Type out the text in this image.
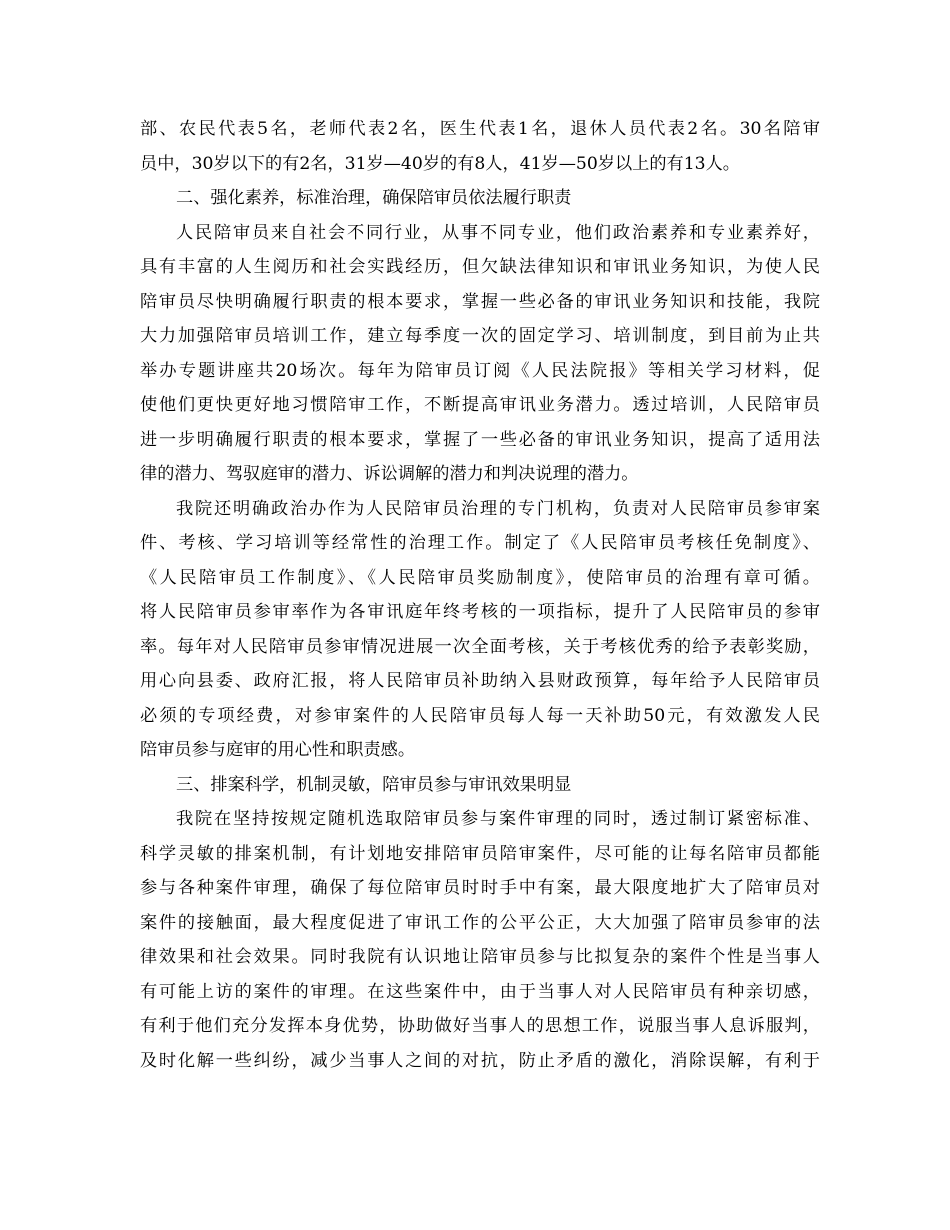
部、农民代表5名，老师代表2名，医生代表1名，退休人员代表2名。30名陪审
员中，30岁以下的有2名，31岁—40岁的有8人，41岁—50岁以上的有13人。
二、强化素养，标准治理，确保陪审员依法履行职责
人民陪审员来自社会不同行业，从事不同专业，他们政治素养和专业素养好，
具有丰富的人生阅历和社会实践经历，但欠缺法律知识和审讯业务知识，为使人民
陪审员尽快明确履行职责的根本要求，掌握一些必备的审讯业务知识和技能，我院
大力加强陪审员培训工作，建立每季度一次的固定学习、培训制度，到目前为止共
举办专题讲座共20场次。每年为陪审员订阅《人民法院报》等相关学习材料，促
使他们更快更好地习惯陪审工作，不断提高审讯业务潜力。透过培训，人民陪审员
进一步明确履行职责的根本要求，掌握了一些必备的审讯业务知识，提高了适用法
律的潜力、驾驭庭审的潜力、诉讼调解的潜力和判决说理的潜力。
我院还明确政治办作为人民陪审员治理的专门机构，负责对人民陪审员参审案
件、考核、学习培训等经常性的治理工作。制定了《人民陪审员考核任免制度》、
《人民陪审员工作制度》、《人民陪审员奖励制度》，使陪审员的治理有章可循。
将人民陪审员参审率作为各审讯庭年终考核的一项指标，提升了人民陪审员的参审
率。每年对人民陪审员参审情况进展一次全面考核，关于考核优秀的给予表彰奖励，
用心向县委、政府汇报，将人民陪审员补助纳入县财政预算，每年给予人民陪审员
必须的专项经费，对参审案件的人民陪审员每人每一天补助50元，有效激发人民
陪审员参与庭审的用心性和职责感。
三、排案科学，机制灵敏，陪审员参与审讯效果明显
我院在坚持按规定随机选取陪审员参与案件审理的同时，透过制订紧密标准、
科学灵敏的排案机制，有计划地安排陪审员陪审案件，尽可能的让每名陪审员都能
参与各种案件审理，确保了每位陪审员时时手中有案，最大限度地扩大了陪审员对
案件的接触面，最大程度促进了审讯工作的公平公正，大大加强了陪审员参审的法
律效果和社会效果。同时我院有认识地让陪审员参与比拟复杂的案件个性是当事人
有可能上访的案件的审理。在这些案件中，由于当事人对人民陪审员有种亲切感，
有利于他们充分发挥本身优势，协助做好当事人的思想工作，说服当事人息诉服判，
及时化解一些纠纷，减少当事人之间的对抗，防止矛盾的激化，消除误解，有利于
